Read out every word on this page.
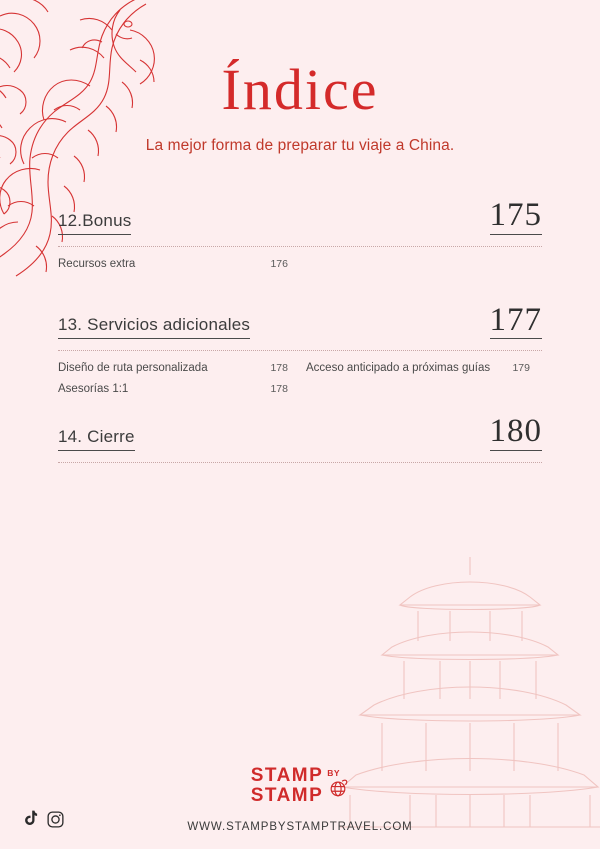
Índice
La mejor forma de preparar tu viaje a China.
12.Bonus	175
Recursos extra	176
13. Servicios adicionales	177
Diseño de ruta personalizada	178
Asesorías 1:1	178
Acceso anticipado a próximas guías 179
14. Cierre	180
STAMP
STAMP
BY
WWW.STAMPBYSTAMPTRAVEL.COM
